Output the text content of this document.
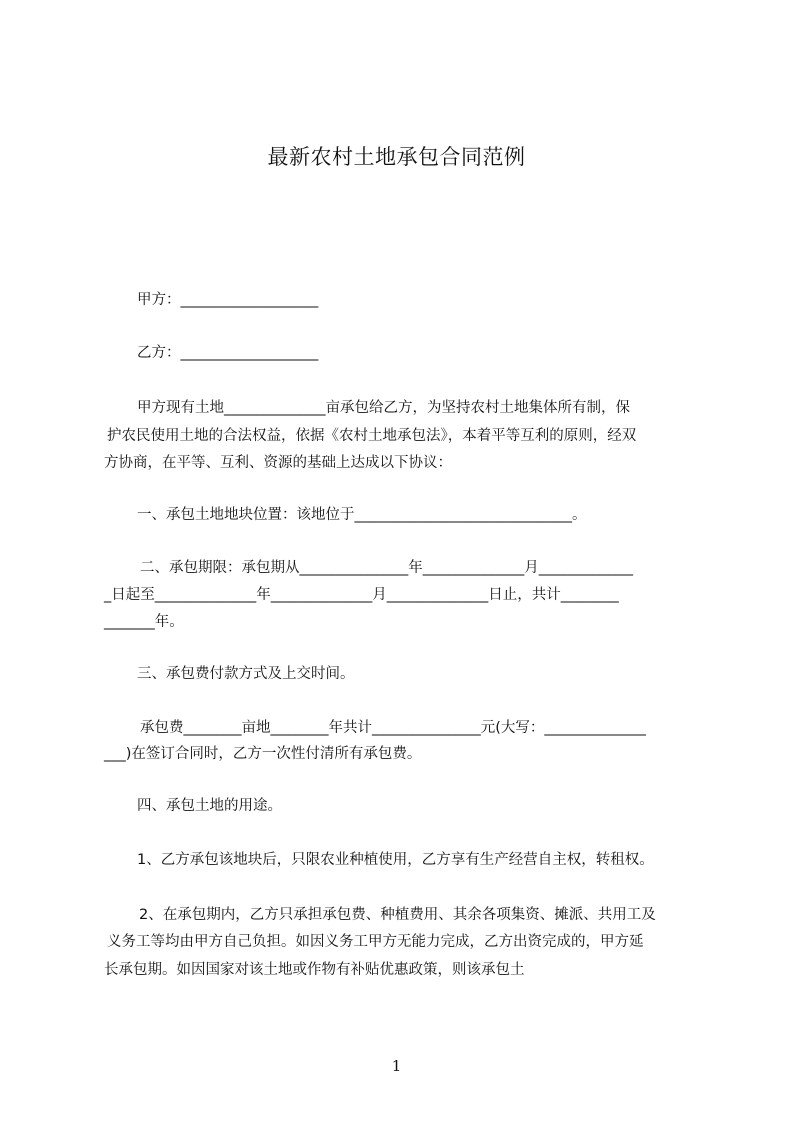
最新农村土地承包合同范例

甲方：___________________

乙方：___________________

甲方现有土地______________亩承包给乙方，为坚持农村土地集体所有制，保

护农民使用土地的合法权益，依据《农村土地承包法》，本着平等互利的原则，经双

方协商，在平等、互利、资源的基础上达成以下协议：

一、承包土地地块位置：该地位于______________________________。

二、承包期限：承包期从_______________年______________月_____________

_日起至______________年______________月______________日止，共计________

_______年。

三、承包费付款方式及上交时间。

承包费________亩地________年共计_______________元(大写：______________

___)在签订合同时，乙方一次性付清所有承包费。

四、承包土地的用途。

1、乙方承包该地块后，只限农业种植使用，乙方享有生产经营自主权，转租权。

2、在承包期内，乙方只承担承包费、种植费用、其余各项集资、摊派、共用工及

义务工等均由甲方自己负担。如因义务工甲方无能力完成，乙方出资完成的，甲方延

长承包期。如因国家对该土地或作物有补贴优惠政策，则该承包土

1
